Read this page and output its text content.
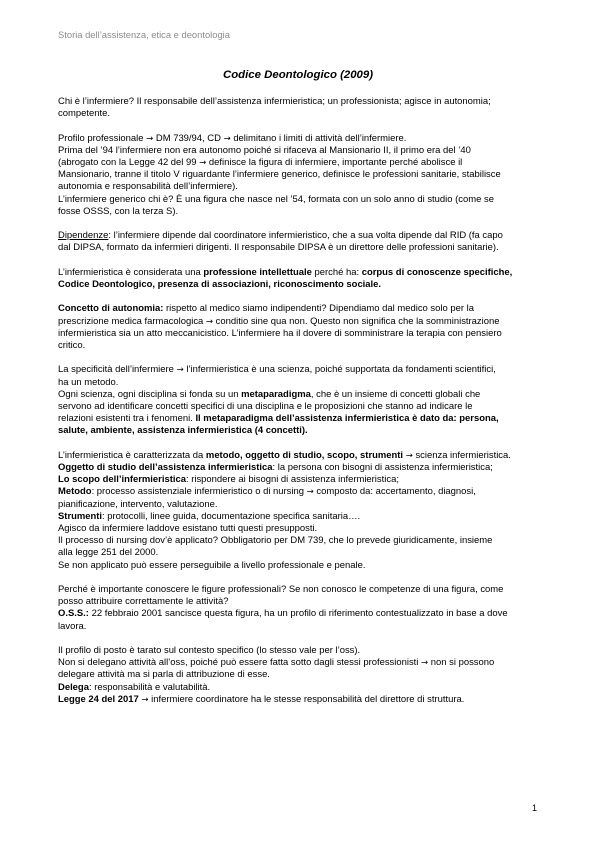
Storia dell’assistenza, etica e deontologia
Codice Deontologico (2009)
Chi è l’infermiere? Il responsabile dell’assistenza infermieristica; un professionista; agisce in autonomia;
competente.
Profilo professionale → DM 739/94, CD → delimitano i limiti di attività dell’infermiere.
Prima del ’94 l’infermiere non era autonomo poiché si rifaceva al Mansionario II, il primo era del ’40
(abrogato con la Legge 42 del 99 → definisce la figura di infermiere, importante perché abolisce il
Mansionario, tranne il titolo V riguardante l’infermiere generico, definisce le professioni sanitarie, stabilisce
autonomia e responsabilità dell’infermiere).
L’infermiere generico chi è? È una figura che nasce nel ’54, formata con un solo anno di studio (come se
fosse OSSS, con la terza S).
Dipendenze: l’infermiere dipende dal coordinatore infermieristico, che a sua volta dipende dal RID (fa capo
dal DIPSA, formato da infermieri dirigenti. Il responsabile DIPSA è un direttore delle professioni sanitarie).
L’infermieristica è considerata una professione intellettuale perché ha: corpus di conoscenze specifiche,
Codice Deontologico, presenza di associazioni, riconoscimento sociale.
Concetto di autonomia: rispetto al medico siamo indipendenti? Dipendiamo dal medico solo per la
prescrizione medica farmacologica → conditio sine qua non. Questo non significa che la somministrazione
infermieristica sia un atto meccanicistico. L’infermiere ha il dovere di somministrare la terapia con pensiero
critico.
La specificità dell’infermiere → l’infermieristica è una scienza, poiché supportata da fondamenti scientifici,
ha un metodo.
Ogni scienza, ogni disciplina si fonda su un metaparadigma, che è un insieme di concetti globali che
servono ad identificare concetti specifici di una disciplina e le proposizioni che stanno ad indicare le
relazioni esistenti tra i fenomeni. Il metaparadigma dell’assistenza infermieristica è dato da: persona,
salute, ambiente, assistenza infermieristica (4 concetti).
L’infermieristica è caratterizzata da metodo, oggetto di studio, scopo, strumenti → scienza infermieristica.
Oggetto di studio dell’assistenza infermieristica: la persona con bisogni di assistenza infermieristica;
Lo scopo dell’infermieristica: rispondere ai bisogni di assistenza infermieristica;
Metodo: processo assistenziale infermieristico o di nursing → composto da: accertamento, diagnosi,
pianificazione, intervento, valutazione.
Strumenti: protocolli, linee guida, documentazione specifica sanitaria….
Agisco da infermiere laddove esistano tutti questi presupposti.
Il processo di nursing dov’è applicato? Obbligatorio per DM 739, che lo prevede giuridicamente, insieme
alla legge 251 del 2000.
Se non applicato può essere perseguibile a livello professionale e penale.
Perché è importante conoscere le figure professionali? Se non conosco le competenze di una figura, come
posso attribuire correttamente le attività?
O.S.S.: 22 febbraio 2001 sancisce questa figura, ha un profilo di riferimento contestualizzato in base a dove
lavora.
Il profilo di posto è tarato sul contesto specifico (lo stesso vale per l’oss).
Non si delegano attività all’oss, poiché può essere fatta sotto dagli stessi professionisti → non si possono
delegare attività ma si parla di attribuzione di esse.
Delega: responsabilità e valutabilità.
Legge 24 del 2017 → infermiere coordinatore ha le stesse responsabilità del direttore di struttura.
1
